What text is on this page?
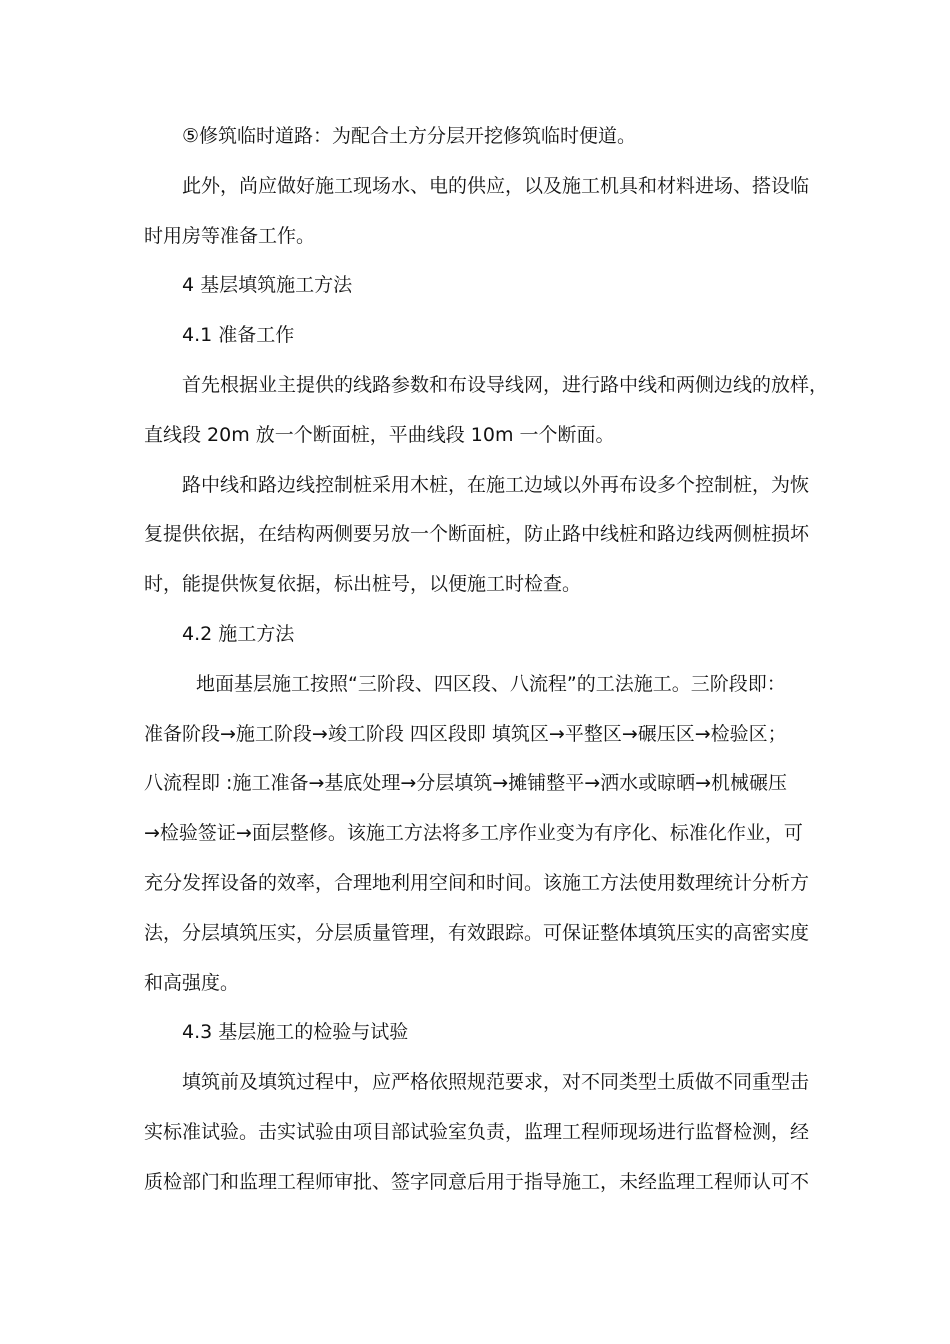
⑤修筑临时道路：为配合土方分层开挖修筑临时便道。
此外，尚应做好施工现场水、电的供应，以及施工机具和材料进场、搭设临
时用房等准备工作。
4 基层填筑施工方法
4.1 准备工作
首先根据业主提供的线路参数和布设导线网，进行路中线和两侧边线的放样，
直线段 20m 放一个断面桩，平曲线段 10m 一个断面。
路中线和路边线控制桩采用木桩，在施工边域以外再布设多个控制桩，为恢
复提供依据，在结构两侧要另放一个断面桩，防止路中线桩和路边线两侧桩损坏
时，能提供恢复依据，标出桩号，以便施工时检查。
4.2 施工方法
地面基层施工按照“三阶段、四区段、八流程”的工法施工。三阶段即：
准备阶段→施工阶段→竣工阶段 四区段即 填筑区→平整区→碾压区→检验区；
八流程即 :施工准备→基底处理→分层填筑→摊铺整平→洒水或晾晒→机械碾压
→检验签证→面层整修。该施工方法将多工序作业变为有序化、标准化作业，可
充分发挥设备的效率，合理地利用空间和时间。该施工方法使用数理统计分析方
法，分层填筑压实，分层质量管理，有效跟踪。可保证整体填筑压实的高密实度
和高强度。
4.3 基层施工的检验与试验
填筑前及填筑过程中，应严格依照规范要求，对不同类型土质做不同重型击
实标准试验。击实试验由项目部试验室负责，监理工程师现场进行监督检测，经
质检部门和监理工程师审批、签字同意后用于指导施工，未经监理工程师认可不
